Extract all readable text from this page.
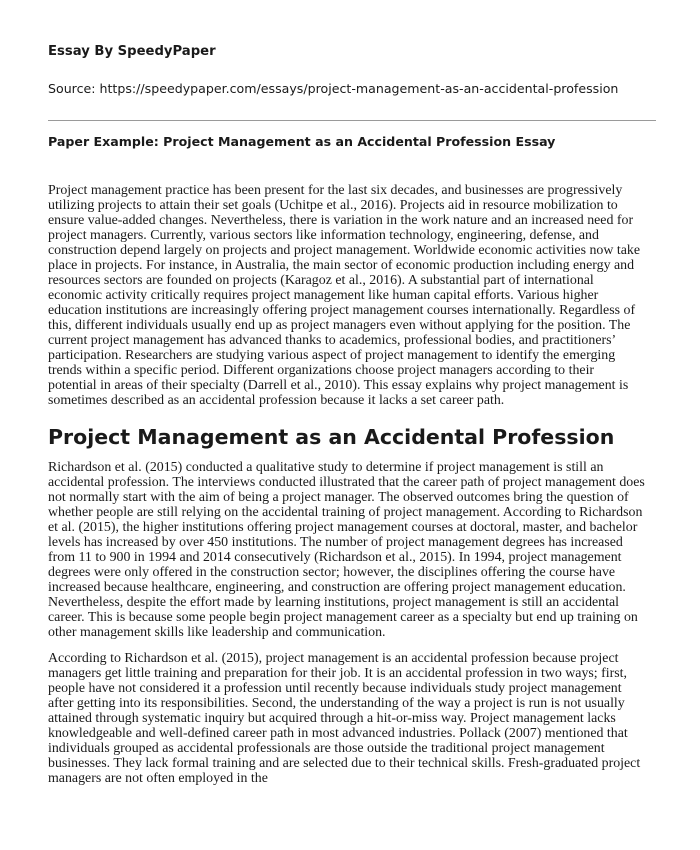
Essay By SpeedyPaper
Source: https://speedypaper.com/essays/project-management-as-an-accidental-profession
Paper Example: Project Management as an Accidental Profession Essay

Project management practice has been present for the last six decades, and businesses are progressively utilizing projects to attain their set goals (Uchitpe et al., 2016). Projects aid in resource mobilization to ensure value-added changes. Nevertheless, there is variation in the work nature and an increased need for project managers. Currently, various sectors like information technology, engineering, defense, and construction depend largely on projects and project management. Worldwide economic activities now take place in projects. For instance, in Australia, the main sector of economic production including energy and resources sectors are founded on projects (Karagoz et al., 2016). A substantial part of international economic activity critically requires project management like human capital efforts. Various higher education institutions are increasingly offering project management courses internationally. Regardless of this, different individuals usually end up as project managers even without applying for the position. The current project management has advanced thanks to academics, professional bodies, and practitioners’ participation. Researchers are studying various aspect of project management to identify the emerging trends within a specific period. Different organizations choose project managers according to their potential in areas of their specialty (Darrell et al., 2010). This essay explains why project management is sometimes described as an accidental profession because it lacks a set career path.

Project Management as an Accidental Profession

Richardson et al. (2015) conducted a qualitative study to determine if project management is still an accidental profession. The interviews conducted illustrated that the career path of project management does not normally start with the aim of being a project manager. The observed outcomes bring the question of whether people are still relying on the accidental training of project management. According to Richardson et al. (2015), the higher institutions offering project management courses at doctoral, master, and bachelor levels has increased by over 450 institutions. The number of project management degrees has increased from 11 to 900 in 1994 and 2014 consecutively (Richardson et al., 2015). In 1994, project management degrees were only offered in the construction sector; however, the disciplines offering the course have increased because healthcare, engineering, and construction are offering project management education. Nevertheless, despite the effort made by learning institutions, project management is still an accidental career. This is because some people begin project management career as a specialty but end up training on other management skills like leadership and communication.

According to Richardson et al. (2015), project management is an accidental profession because project managers get little training and preparation for their job. It is an accidental profession in two ways; first, people have not considered it a profession until recently because individuals study project management after getting into its responsibilities. Second, the understanding of the way a project is run is not usually attained through systematic inquiry but acquired through a hit-or-miss way. Project management lacks knowledgeable and well-defined career path in most advanced industries. Pollack (2007) mentioned that individuals grouped as accidental professionals are those outside the traditional project management businesses. They lack formal training and are selected due to their technical skills. Fresh-graduated project managers are not often employed in the
